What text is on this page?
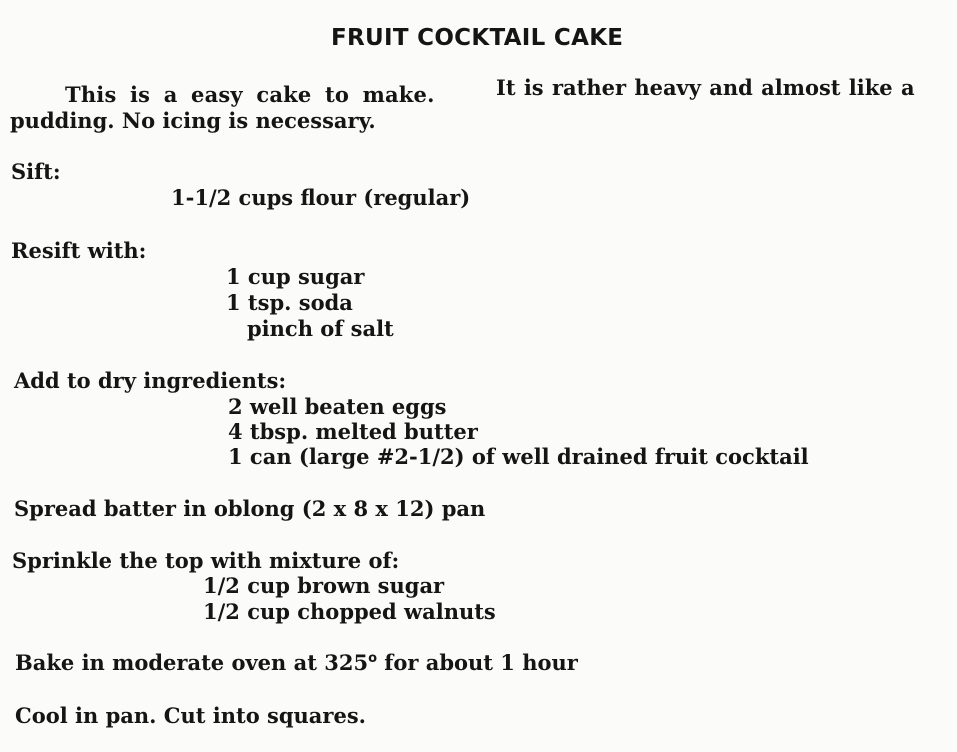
FRUIT COCKTAIL CAKE
This is a easy cake to make.	It is rather heavy and almost like a
pudding. No icing is necessary.
Sift:
1-1/2 cups flour (regular)
Resift with:
1 cup sugar
1 tsp. soda
pinch of salt
Add to dry ingredients:
2 well beaten eggs
4 tbsp. melted butter
1 can (large #2-1/2) of well drained fruit cocktail
Spread batter in oblong (2 x 8 x 12) pan
Sprinkle the top with mixture of:
1/2 cup brown sugar
1/2 cup chopped walnuts
Bake in moderate oven at 325$^o$ for about 1 hour
Cool in pan. Cut into squares.
